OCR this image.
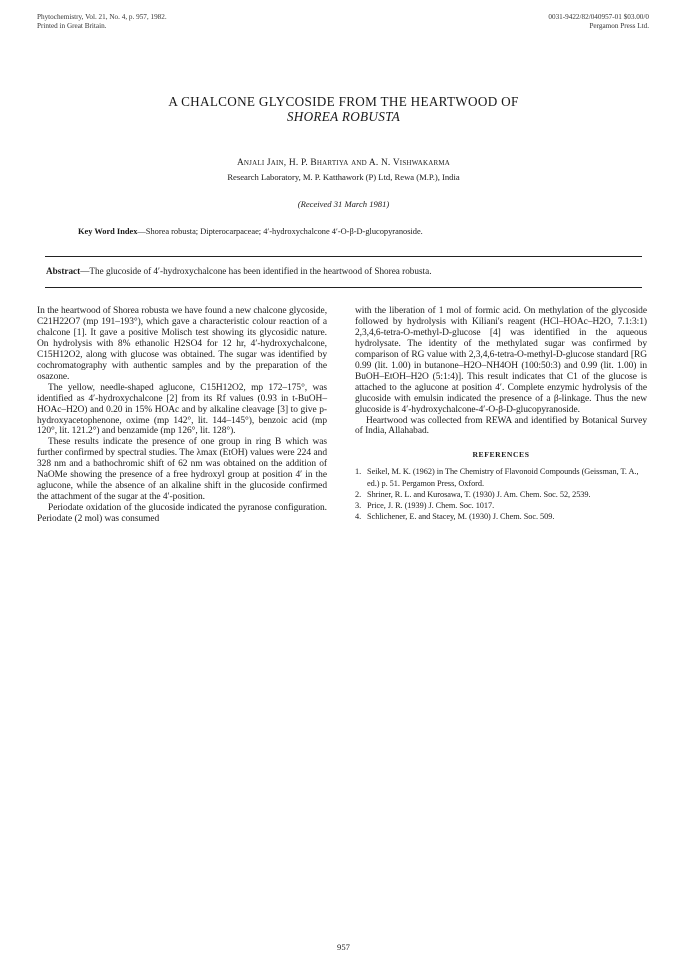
Phytochemistry, Vol. 21, No. 4, p. 957, 1982.
Printed in Great Britain.
0031-9422/82/040957-01 $03.00/0
Pergamon Press Ltd.
A CHALCONE GLYCOSIDE FROM THE HEARTWOOD OF
SHOREA ROBUSTA
Anjali Jain, H. P. Bhartiya and A. N. Vishwakarma
Research Laboratory, M. P. Katthawork (P) Ltd, Rewa (M.P.), India
(Received 31 March 1981)
Key Word Index—Shorea robusta; Dipterocarpaceae; 4′-hydroxychalcone 4′-O-β-D-glucopyranoside.
Abstract—The glucoside of 4′-hydroxychalcone has been identified in the heartwood of Shorea robusta.

In the heartwood of Shorea robusta we have found a new chalcone glycoside, C21H22O7 (mp 191–193°), which gave a characteristic colour reaction of a chalcone [1]. It gave a positive Molisch test showing its glycosidic nature. On hydrolysis with 8% ethanolic H2SO4 for 12 hr, 4′-hydroxychalcone, C15H12O2, along with glucose was obtained. The sugar was identified by cochromatography with authentic samples and by the preparation of the osazone.

The yellow, needle-shaped aglucone, C15H12O2, mp 172–175°, was identified as 4′-hydroxychalcone [2] from its Rf values (0.93 in t-BuOH–HOAc–H2O) and 0.20 in 15% HOAc and by alkaline cleavage [3] to give p-hydroxyacetophenone, oxime (mp 142°, lit. 144–145°), benzoic acid (mp 120°, lit. 121.2°) and benzamide (mp 126°, lit. 128°).

These results indicate the presence of one group in ring B which was further confirmed by spectral studies. The λmax (EtOH) values were 224 and 328 nm and a bathochromic shift of 62 nm was obtained on the addition of NaOMe showing the presence of a free hydroxyl group at position 4′ in the aglucone, while the absence of an alkaline shift in the glucoside confirmed the attachment of the sugar at the 4′-position.

Periodate oxidation of the glucoside indicated the pyranose configuration. Periodate (2 mol) was consumed

with the liberation of 1 mol of formic acid. On methylation of the glycoside followed by hydrolysis with Kiliani's reagent (HCl–HOAc–H2O, 7.1:3:1) 2,3,4,6-tetra-O-methyl-D-glucose [4] was identified in the aqueous hydrolysate. The identity of the methylated sugar was confirmed by comparison of RG value with 2,3,4,6-tetra-O-methyl-D-glucose standard [RG 0.99 (lit. 1.00) in butanone–H2O–NH4OH (100:50:3) and 0.99 (lit. 1.00) in BuOH–EtOH–H2O (5:1:4)]. This result indicates that C1 of the glucose is attached to the aglucone at position 4′. Complete enzymic hydrolysis of the glucoside with emulsin indicated the presence of a β-linkage. Thus the new glucoside is 4′-hydroxychalcone-4′-O-β-D-glucopyranoside.

Heartwood was collected from REWA and identified by Botanical Survey of India, Allahabad.

REFERENCES
1. Seikel, M. K. (1962) in The Chemistry of Flavonoid Compounds (Geissman, T. A., ed.) p. 51. Pergamon Press, Oxford.
2. Shriner, R. L. and Kurosawa, T. (1930) J. Am. Chem. Soc. 52, 2539.
3. Price, J. R. (1939) J. Chem. Soc. 1017.
4. Schlichener, E. and Stacey, M. (1930) J. Chem. Soc. 509.
957
